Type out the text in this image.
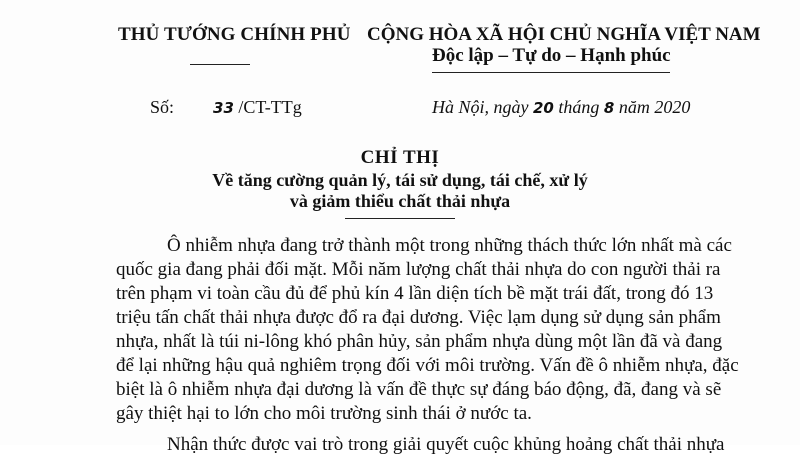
THỦ TƯỚNG CHÍNH PHỦ CỘNG HÒA XÃ HỘI CHỦ NGHĨA VIỆT NAM
Độc lập – Tự do – Hạnh phúc
Số:	33 /CT-TTg	Hà Nội, ngày 20 tháng 8 năm 2020
CHỈ THỊ
Về tăng cường quản lý, tái sử dụng, tái chế, xử lý
và giảm thiểu chất thải nhựa
Ô nhiễm nhựa đang trở thành một trong những thách thức lớn nhất mà các
quốc gia đang phải đối mặt. Mỗi năm lượng chất thải nhựa do con người thải ra
trên phạm vi toàn cầu đủ để phủ kín 4 lần diện tích bề mặt trái đất, trong đó 13
triệu tấn chất thải nhựa được đổ ra đại dương. Việc lạm dụng sử dụng sản phẩm
nhựa, nhất là túi ni-lông khó phân hủy, sản phẩm nhựa dùng một lần đã và đang
để lại những hậu quả nghiêm trọng đối với môi trường. Vấn đề ô nhiễm nhựa, đặc
biệt là ô nhiễm nhựa đại dương là vấn đề thực sự đáng báo động, đã, đang và sẽ
gây thiệt hại to lớn cho môi trường sinh thái ở nước ta.
Nhận thức được vai trò trong giải quyết cuộc khủng hoảng chất thải nhựa
